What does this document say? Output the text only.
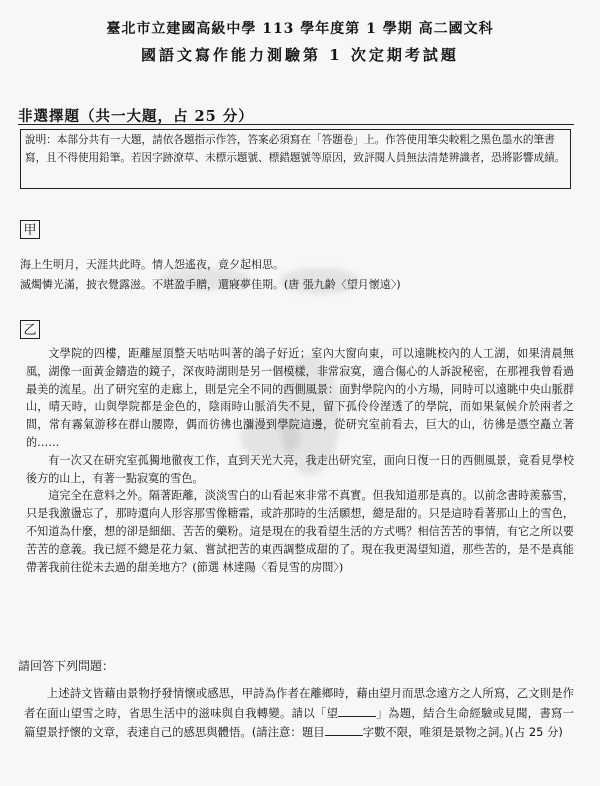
臺北市立建國高級中學 113 學年度第 1 學期 高二國文科
國語文寫作能力測驗第 1 次定期考試題
非選擇題（共一大題，占 25 分）
說明：本部分共有一大題，請依各題指示作答，答案必須寫在「答題卷」上。作答使用筆尖較粗之黑色墨水的筆書寫，且不得使用鉛筆。若因字跡潦草、未標示題號、標錯題號等原因，致評閱人員無法清楚辨識者，恐將影響成績。
甲
海上生明月，天涯共此時。情人怨遙夜，竟夕起相思。
滅燭憐光滿，披衣覺露滋。不堪盈手贈，還寢夢佳期。(唐 張九齡〈望月懷遠〉)
乙

文學院的四樓，距離屋頂整天咕咕叫著的鴿子好近；室內大窗向東，可以遠眺校內的人工湖，如果清晨無風，湖像一面黃金鑄造的鏡子，深夜時湖則是另一個模樣，非常寂寞，適合傷心的人訴說秘密，在那裡我曾看過最美的流星。出了研究室的走廊上，則是完全不同的西側風景：面對學院內的小方場，同時可以遠眺中央山脈群山，晴天時，山與學院都是金色的，陰雨時山脈消失不見，留下孤伶伶溼透了的學院，而如果氣候介於兩者之間，常有霧氣游移在群山腰際，偶而彷彿也瀰漫到學院這邊，從研究室前看去，巨大的山，彷彿是憑空矗立著的……

有一次又在研究室孤獨地徹夜工作，直到天光大亮，我走出研究室，面向日復一日的西側風景，竟看見學校後方的山上，有著一點寂寞的雪色。

這完全在意料之外。隔著距離，淡淡雪白的山看起來非常不真實。但我知道那是真的。以前念書時羨慕雪，只是我激盪忘了，那時還向人形容那雪像糖霜，或許那時的生活願想，總是甜的。只是這時看著那山上的雪色，不知道為什麼，想的卻是細細、苦苦的藥粉。這是現在的我看望生活的方式嗎？相信苦苦的事情，有它之所以要苦苦的意義。我已經不總是花力氣、嘗試把苦的東西調整成甜的了。現在我更渴望知道，那些苦的，是不是真能帶著我前往從未去過的甜美地方？(節選 林達陽〈看見雪的房間〉)

請回答下列問題：
上述詩文皆藉由景物抒發情懷或感思，甲詩為作者在離鄉時，藉由望月而思念遠方之人所寫，乙文則是作者在面山望雪之時，省思生活中的滋味與自我轉變。請以「望	」為題，結合生命經驗或見聞，書寫一篇望景抒懷的文章，表達自己的感思與體悟。(請注意：題目	字數不限，唯須是景物之詞。)(占 25 分)
